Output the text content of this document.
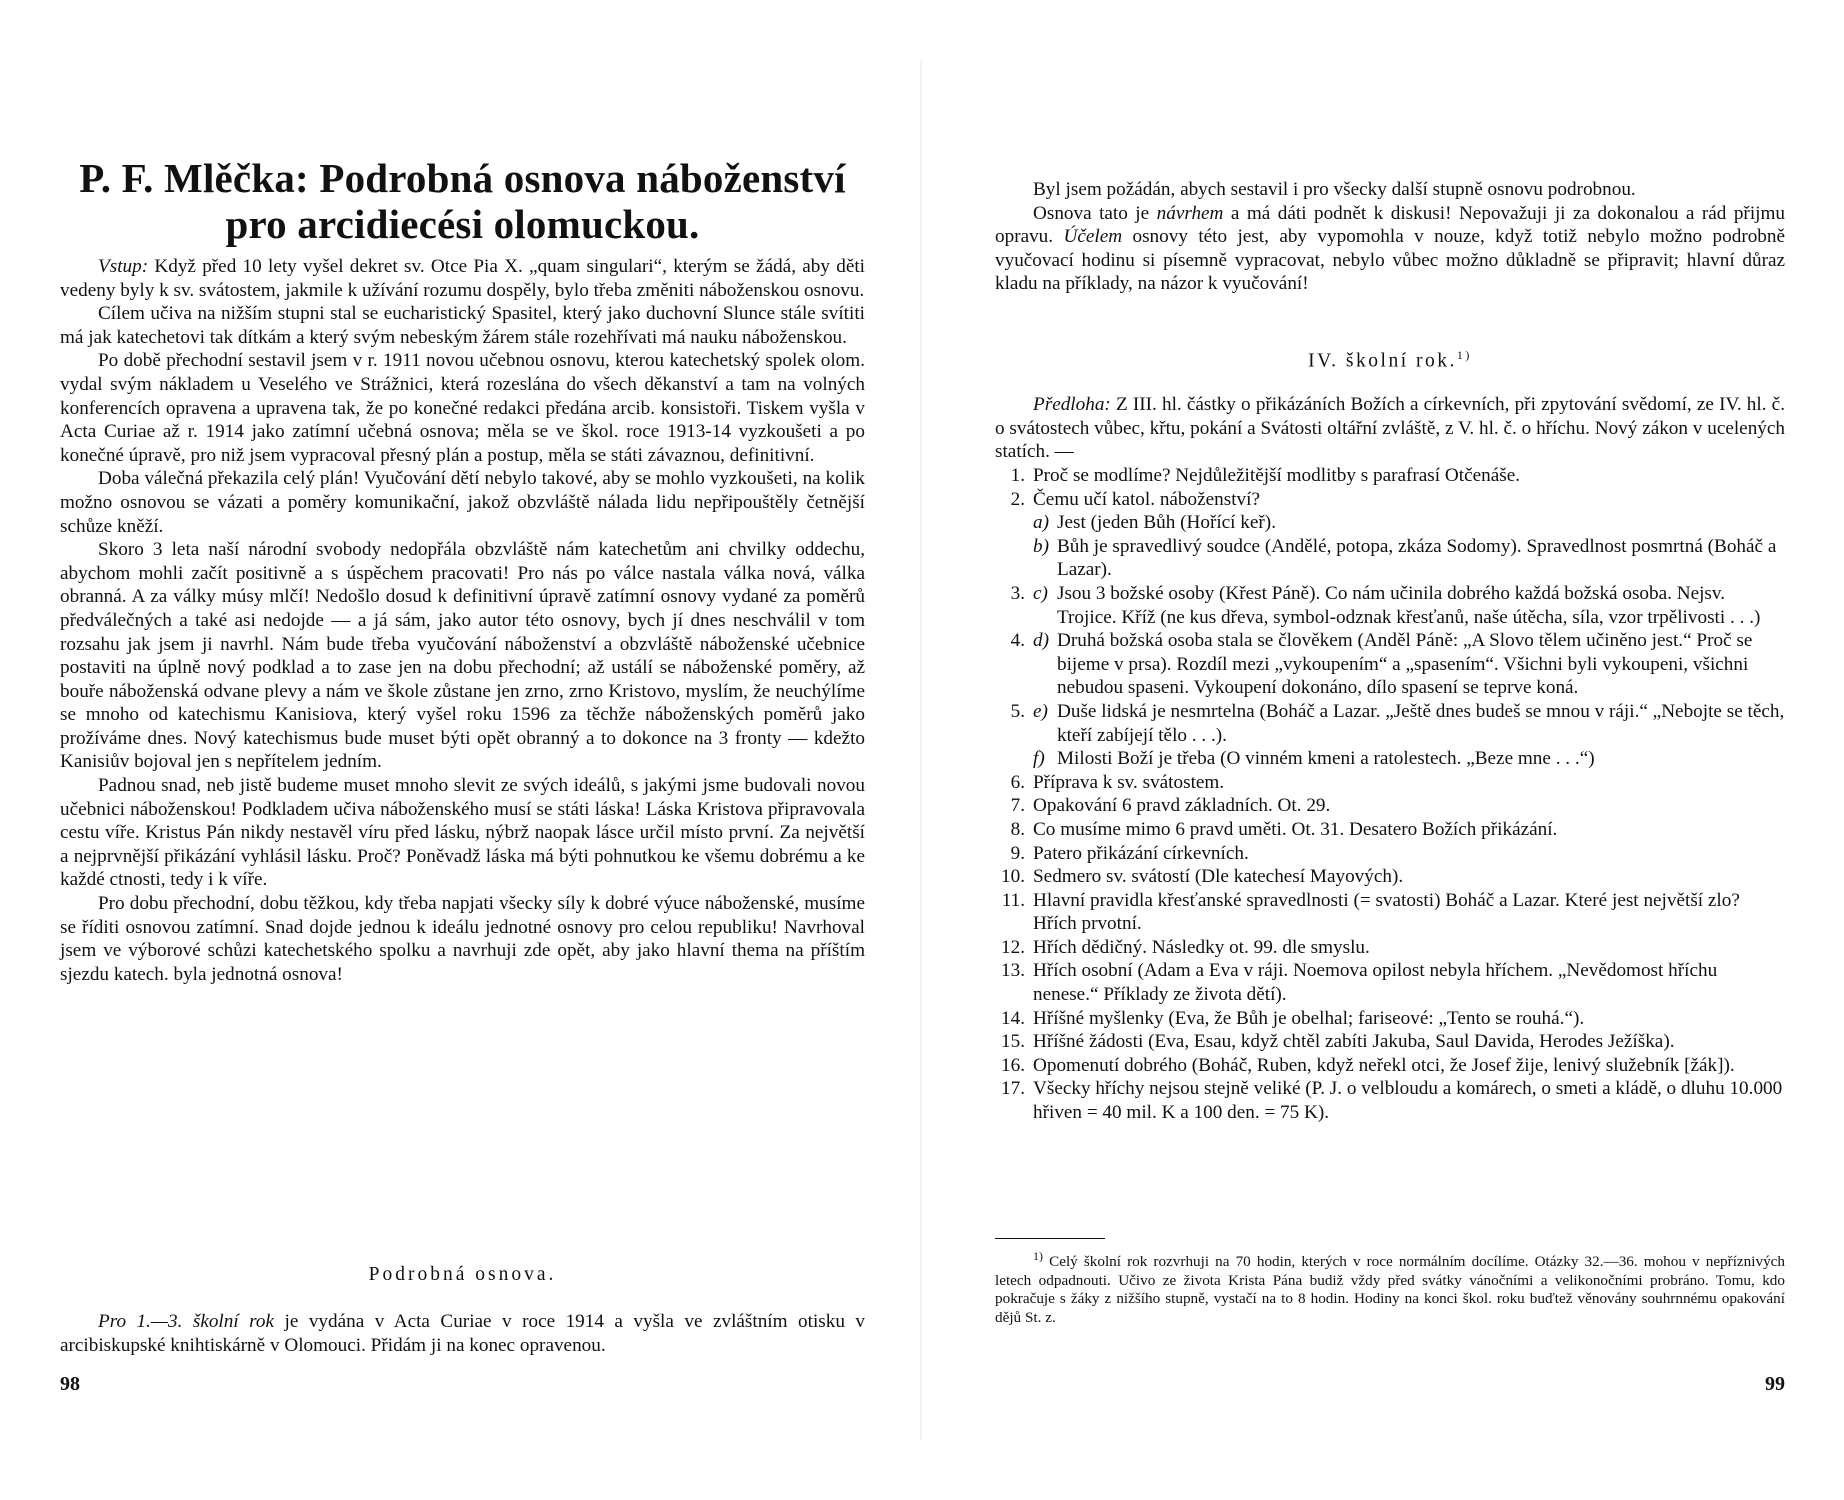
P. F. Mlěčka: Podrobná osnova náboženství
pro arcidiecési olomuckou.

Vstup: Když před 10 lety vyšel dekret sv. Otce Pia X. „quam singulari“, kterým se žádá, aby děti vedeny byly k sv. svátostem, jakmile k užívání rozumu dospěly, bylo třeba změniti náboženskou osnovu.

Cílem učiva na nižším stupni stal se eucharistický Spasitel, který jako duchovní Slunce stále svítiti má jak katechetovi tak dítkám a který svým nebeským žárem stále rozehřívati má nauku náboženskou.

Po době přechodní sestavil jsem v r. 1911 novou učebnou osnovu, kterou katechetský spolek olom. vydal svým nákladem u Veselého ve Strážnici, která rozeslána do všech děkanství a tam na volných konferencích opravena a upravena tak, že po konečné redakci předána arcib. konsistoři. Tiskem vyšla v Acta Curiae až r. 1914 jako zatímní učebná osnova; měla se ve škol. roce 1913-14 vyzkoušeti a po konečné úpravě, pro niž jsem vypracoval přesný plán a postup, měla se státi závaznou, definitivní.

Doba válečná překazila celý plán! Vyučování dětí nebylo takové, aby se mohlo vyzkoušeti, na kolik možno osnovou se vázati a poměry komunikační, jakož obzvláště nálada lidu nepřipouštěly četnější schůze kněží.

Skoro 3 leta naší národní svobody nedopřála obzvláště nám katechetům ani chvilky oddechu, abychom mohli začít positivně a s úspěchem pracovati! Pro nás po válce nastala válka nová, válka obranná. A za války músy mlčí! Nedošlo dosud k definitivní úpravě zatímní osnovy vydané za poměrů předválečných a také asi nedojde — a já sám, jako autor této osnovy, bych jí dnes neschválil v tom rozsahu jak jsem ji navrhl. Nám bude třeba vyučování náboženství a obzvláště náboženské učebnice postaviti na úplně nový podklad a to zase jen na dobu přechodní; až ustálí se náboženské poměry, až bouře náboženská odvane plevy a nám ve škole zůstane jen zrno, zrno Kristovo, myslím, že neuchýlíme se mnoho od katechismu Kanisiova, který vyšel roku 1596 za těchže náboženských poměrů jako prožíváme dnes. Nový katechismus bude muset býti opět obranný a to dokonce na 3 fronty — kdežto Kanisiův bojoval jen s nepřítelem jedním.

Padnou snad, neb jistě budeme muset mnoho slevit ze svých ideálů, s jakými jsme budovali novou učebnici náboženskou! Podkladem učiva náboženského musí se státi láska! Láska Kristova připravovala cestu víře. Kristus Pán nikdy nestavěl víru před lásku, nýbrž naopak lásce určil místo první. Za největší a nejprvnější přikázání vyhlásil lásku. Proč? Poněvadž láska má býti pohnutkou ke všemu dobrému a ke každé ctnosti, tedy i k víře.

Pro dobu přechodní, dobu těžkou, kdy třeba napjati všecky síly k dobré výuce náboženské, musíme se říditi osnovou zatímní. Snad dojde jednou k ideálu jednotné osnovy pro celou republiku! Navrhoval jsem ve výborové schůzi katechetského spolku a navrhuji zde opět, aby jako hlavní thema na příštím sjezdu katech. byla jednotná osnova!

Podrobná osnova.

Pro 1.—3. školní rok je vydána v Acta Curiae v roce 1914 a vyšla ve zvláštním otisku v arcibiskupské knihtiskárně v Olomouci. Přidám ji na konec opravenou.

98

Byl jsem požádán, abych sestavil i pro všecky další stupně osnovu podrobnou.

Osnova tato je návrhem a má dáti podnět k diskusi! Nepovažuji ji za dokonalou a rád přijmu opravu. Účelem osnovy této jest, aby vypomohla v nouze, když totiž nebylo možno podrobně vyučovací hodinu si písemně vypracovat, nebylo vůbec možno důkladně se připravit; hlavní důraz kladu na příklady, na názor k vyučování!

IV. školní rok.$^{1)}$

Předloha: Z III. hl. částky o přikázáních Božích a církevních, při zpytování svědomí, ze IV. hl. č. o svátostech vůbec, křtu, pokání a Svátosti oltářní zvláště, z V. hl. č. o hříchu. Nový zákon v ucelených statích. —

1. Proč se modlíme? Nejdůležitější modlitby s parafrasí Otčenáše.
2. Čemu učí katol. náboženství?
a) Jest (jeden Bůh (Hořící keř).
b) Bůh je spravedlivý soudce (Andělé, potopa, zkáza Sodomy). Spravedlnost posmrtná (Boháč a Lazar).
3. c) Jsou 3 božské osoby (Křest Páně). Co nám učinila dobrého každá božská osoba. Nejsv. Trojice. Kříž (ne kus dřeva, symbol-odznak křesťanů, naše útěcha, síla, vzor trpělivosti . . .)
4. d) Druhá božská osoba stala se člověkem (Anděl Páně: „A Slovo tělem učiněno jest.“ Proč se bijeme v prsa). Rozdíl mezi „vykoupením“ a „spasením“. Všichni byli vykoupeni, všichni nebudou spaseni. Vykoupení dokonáno, dílo spasení se teprve koná.
5. e) Duše lidská je nesmrtelna (Boháč a Lazar. „Ještě dnes budeš se mnou v ráji.“ „Nebojte se těch, kteří zabíjejí tělo . . .).
f) Milosti Boží je třeba (O vinném kmeni a ratolestech. „Beze mne . . .“)
6. Příprava k sv. svátostem.
7. Opakování 6 pravd základních. Ot. 29.
8. Co musíme mimo 6 pravd uměti. Ot. 31. Desatero Božích přikázání.
9. Patero přikázání církevních.
10. Sedmero sv. svátostí (Dle katechesí Mayových).
11. Hlavní pravidla křesťanské spravedlnosti (= svatosti) Boháč a Lazar. Které jest největší zlo? Hřích prvotní.
12. Hřích dědičný. Následky ot. 99. dle smyslu.
13. Hřích osobní (Adam a Eva v ráji. Noemova opilost nebyla hříchem. „Nevědomost hříchu nenese.“ Příklady ze života dětí).
14. Hříšné myšlenky (Eva, že Bůh je obelhal; fariseové: „Tento se rouhá.“).
15. Hříšné žádosti (Eva, Esau, když chtěl zabíti Jakuba, Saul Davida, Herodes Ježíška).
16. Opomenutí dobrého (Boháč, Ruben, když neřekl otci, že Josef žije, lenivý služebník [žák]).
17. Všecky hříchy nejsou stejně veliké (P. J. o velbloudu a komárech, o smeti a kládě, o dluhu 10.000 hřiven = 40 mil. K a 100 den. = 75 K).

$^{1)}$ Celý školní rok rozvrhuji na 70 hodin, kterých v roce normálním docílíme. Otázky 32.—36. mohou v nepříznivých letech odpadnouti. Učivo ze života Krista Pána budiž vždy před svátky vánočními a velikonočními probráno. Tomu, kdo pokračuje s žáky z nižšího stupně, vystačí na to 8 hodin. Hodiny na konci škol. roku buďtež věnovány souhrnnému opakování dějů St. z.

99
